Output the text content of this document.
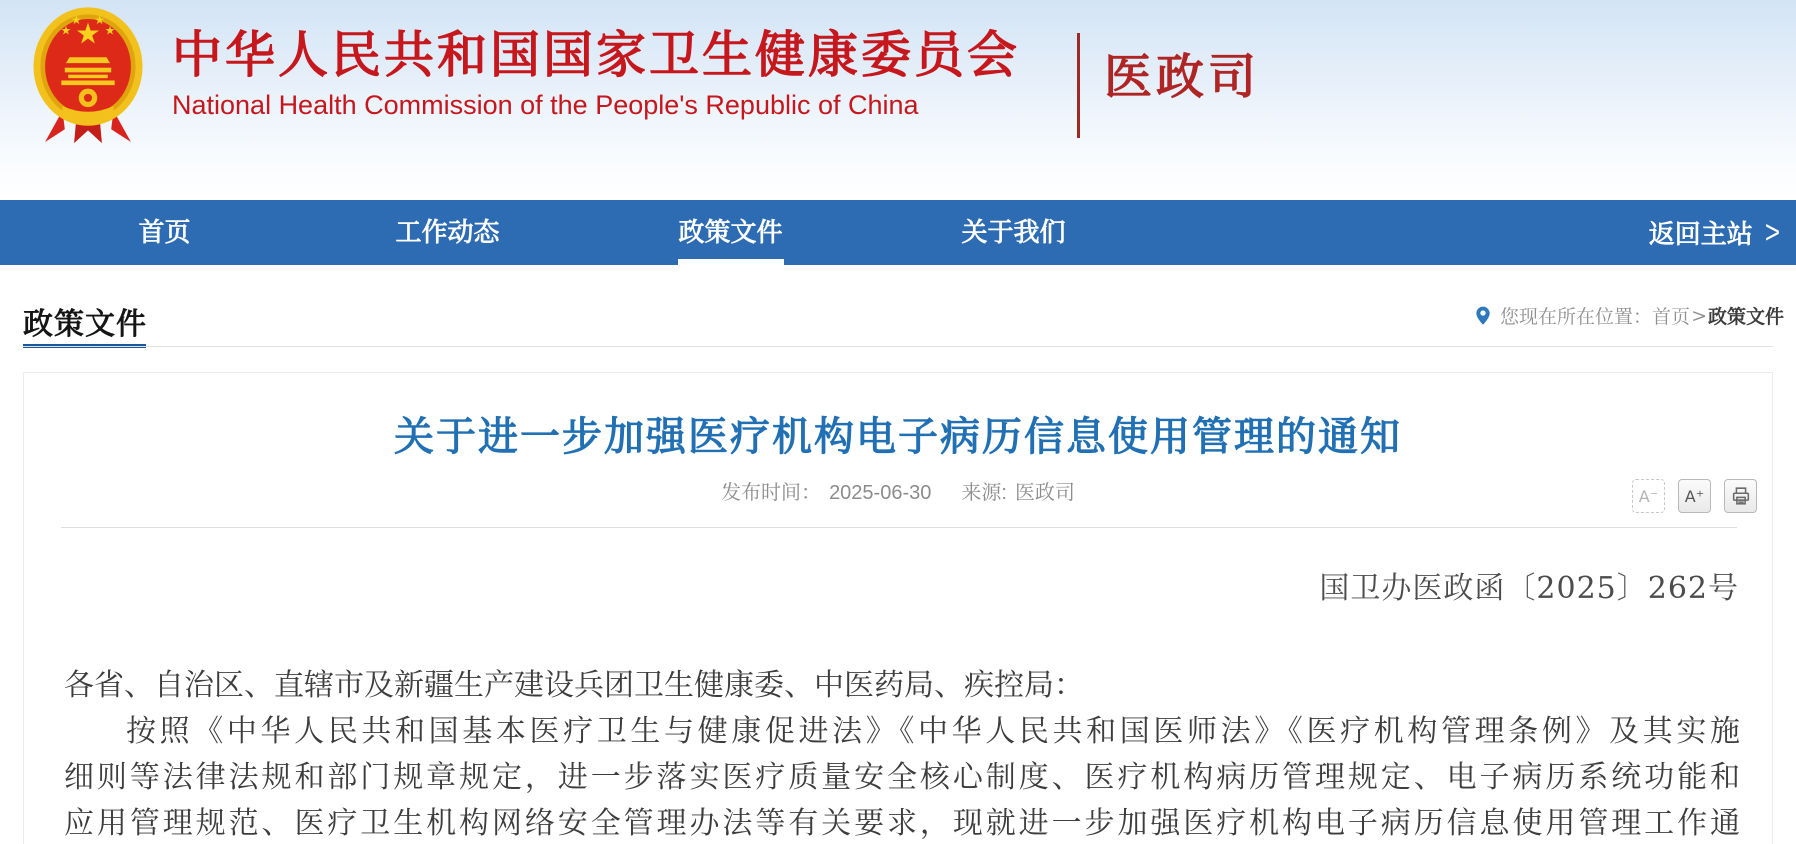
中华人民共和国国家卫生健康委员会
National Health Commission of the People's Republic of China
医政司
首页	工作动态	政策文件	关于我们	返回主站 >
政策文件	您现在所在位置： 首页 > 政策文件
关于进一步加强医疗机构电子病历信息使用管理的通知
发布时间： 2025-06-30 来源: 医政司	A⁻	A⁺
国卫办医政函〔2025〕262号
各省、自治区、直辖市及新疆生产建设兵团卫生健康委、中医药局、疾控局：
按照《中华人民共和国基本医疗卫生与健康促进法》《中华人民共和国医师法》《医疗机构管理条例》及其实施
细则等法律法规和部门规章规定，进一步落实医疗质量安全核心制度、医疗机构病历管理规定、电子病历系统功能和
应用管理规范、医疗卫生机构网络安全管理办法等有关要求，现就进一步加强医疗机构电子病历信息使用管理工作通
